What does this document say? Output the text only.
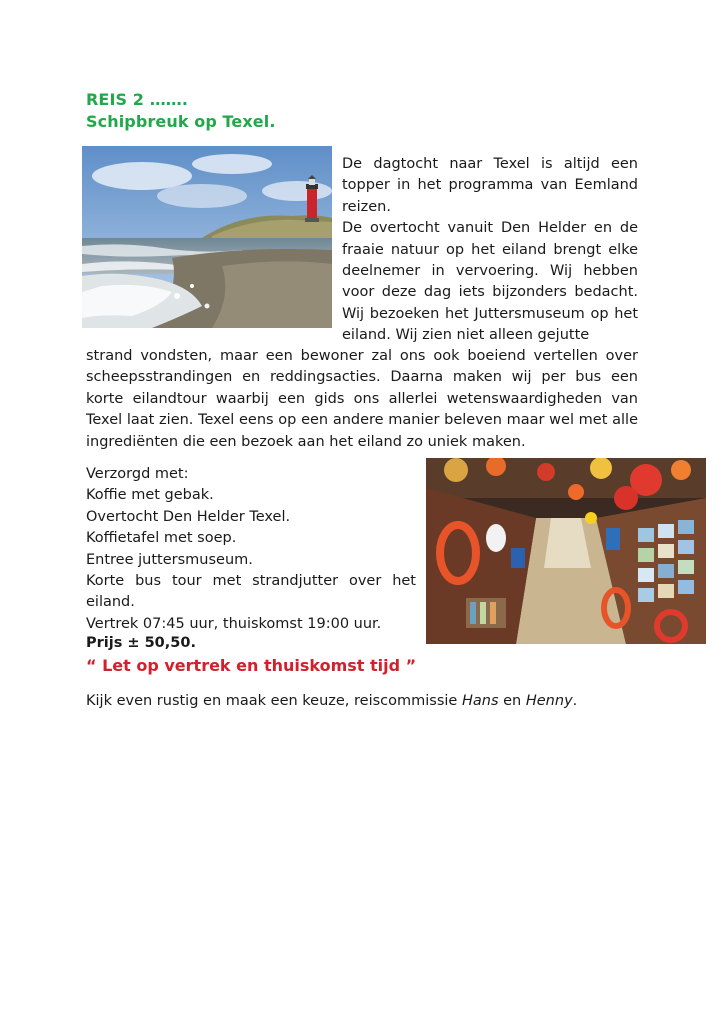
REIS 2 …….
Schipbreuk op Texel.

De dagtocht naar Texel is altijd een topper in het programma van Eemland reizen.

De overtocht vanuit Den Helder en de fraaie natuur op het eiland brengt elke deelnemer in vervoering. Wij hebben voor deze dag iets bijzonders bedacht. Wij bezoeken het Juttersmuseum op het eiland. Wij zien niet alleen gejutte

strand vondsten, maar een bewoner zal ons ook boeiend vertellen over scheepsstrandingen en reddingsacties. Daarna maken wij per bus een korte eilandtour waarbij een gids ons allerlei wetenswaardigheden van Texel laat zien. Texel eens op een andere manier beleven maar wel met alle ingrediënten die een bezoek aan het eiland zo uniek maken.

Verzorgd met:
Koffie met gebak.
Overtocht Den Helder Texel.
Koffietafel met soep.
Entree juttersmuseum.
Korte bus tour met strandjutter over het
eiland.
Vertrek 07:45 uur, thuiskomst 19:00 uur.
Prijs ± 50,50.
“ Let op vertrek en thuiskomst tijd ”
Kijk even rustig en maak een keuze, reiscommissie Hans en Henny.
